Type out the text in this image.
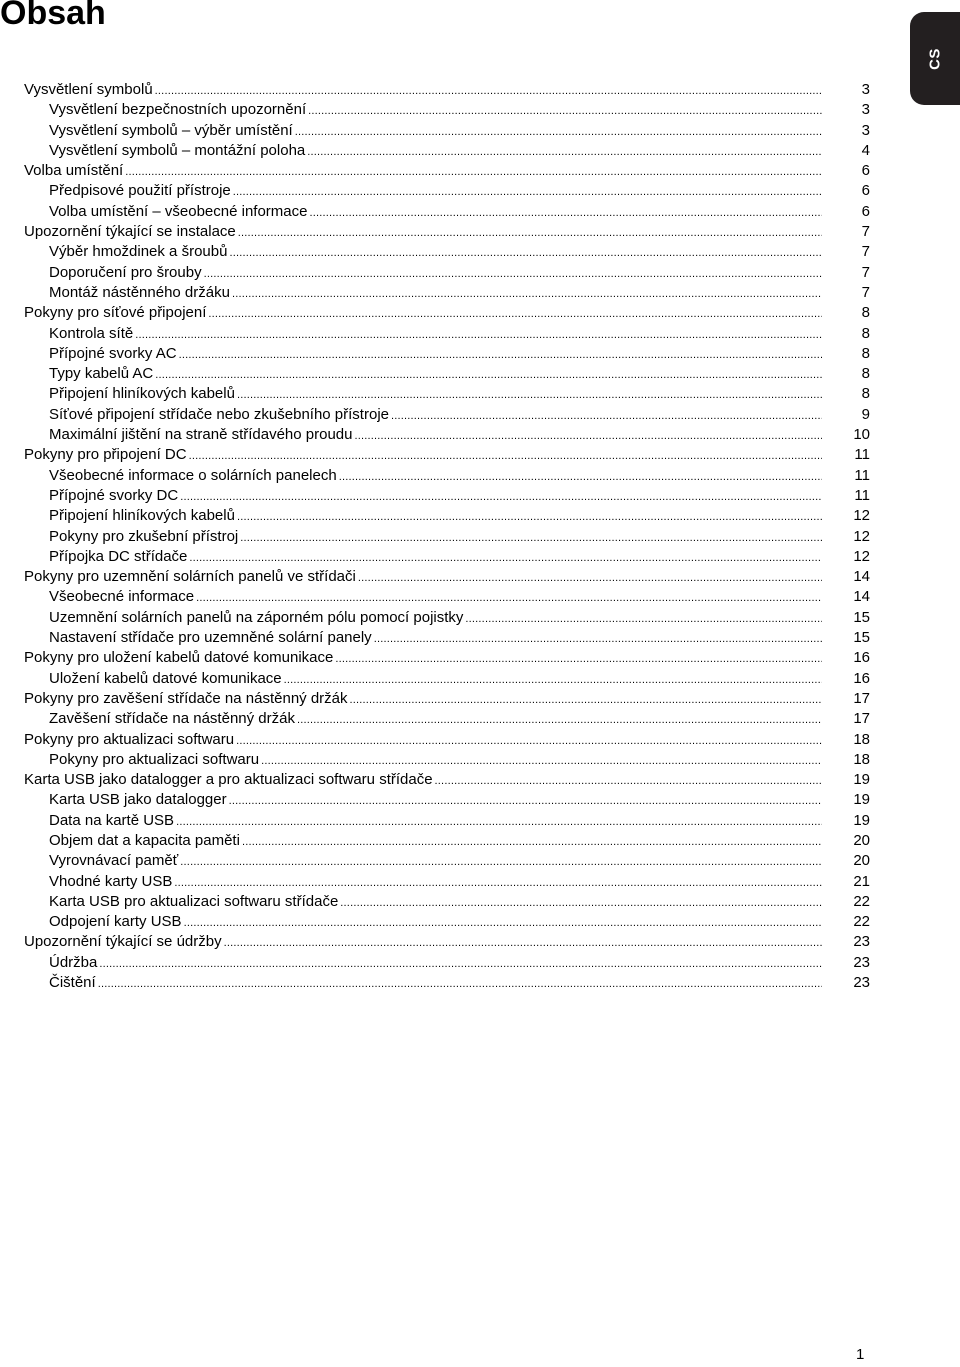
Obsah
CS
Vysvětlení symbolů .....	3
Vysvětlení bezpečnostních upozornění .....	3
Vysvětlení symbolů – výběr umístění .....	3
Vysvětlení symbolů – montážní poloha .....	4
Volba umístění .....	6
Předpisové použití přístroje .....	6
Volba umístění – všeobecné informace .....	6
Upozornění týkající se instalace .....	7
Výběr hmoždinek a šroubů .....	7
Doporučení pro šrouby .....	7
Montáž nástěnného držáku .....	7
Pokyny pro síťové připojení .....	8
Kontrola sítě .....	8
Přípojné svorky AC .....	8
Typy kabelů AC .....	8
Připojení hliníkových kabelů .....	8
Síťové připojení střídače nebo zkušebního přístroje .....	9
Maximální jištění na straně střídavého proudu .....	10
Pokyny pro připojení DC .....	11
Všeobecné informace o solárních panelech .....	11
Přípojné svorky DC .....	11
Připojení hliníkových kabelů .....	12
Pokyny pro zkušební přístroj .....	12
Přípojka DC střídače .....	12
Pokyny pro uzemnění solárních panelů ve střídači .....	14
Všeobecné informace .....	14
Uzemnění solárních panelů na záporném pólu pomocí pojistky .....	15
Nastavení střídače pro uzemněné solární panely .....	15
Pokyny pro uložení kabelů datové komunikace .....	16
Uložení kabelů datové komunikace .....	16
Pokyny pro zavěšení střídače na nástěnný držák .....	17
Zavěšení střídače na nástěnný držák .....	17
Pokyny pro aktualizaci softwaru .....	18
Pokyny pro aktualizaci softwaru .....	18
Karta USB jako datalogger a pro aktualizaci softwaru střídače .....	19
Karta USB jako datalogger .....	19
Data na kartě USB .....	19
Objem dat a kapacita paměti .....	20
Vyrovnávací paměť .....	20
Vhodné karty USB .....	21
Karta USB pro aktualizaci softwaru střídače .....	22
Odpojení karty USB .....	22
Upozornění týkající se údržby .....	23
Údržba .....	23
Čištění .....	23
1
